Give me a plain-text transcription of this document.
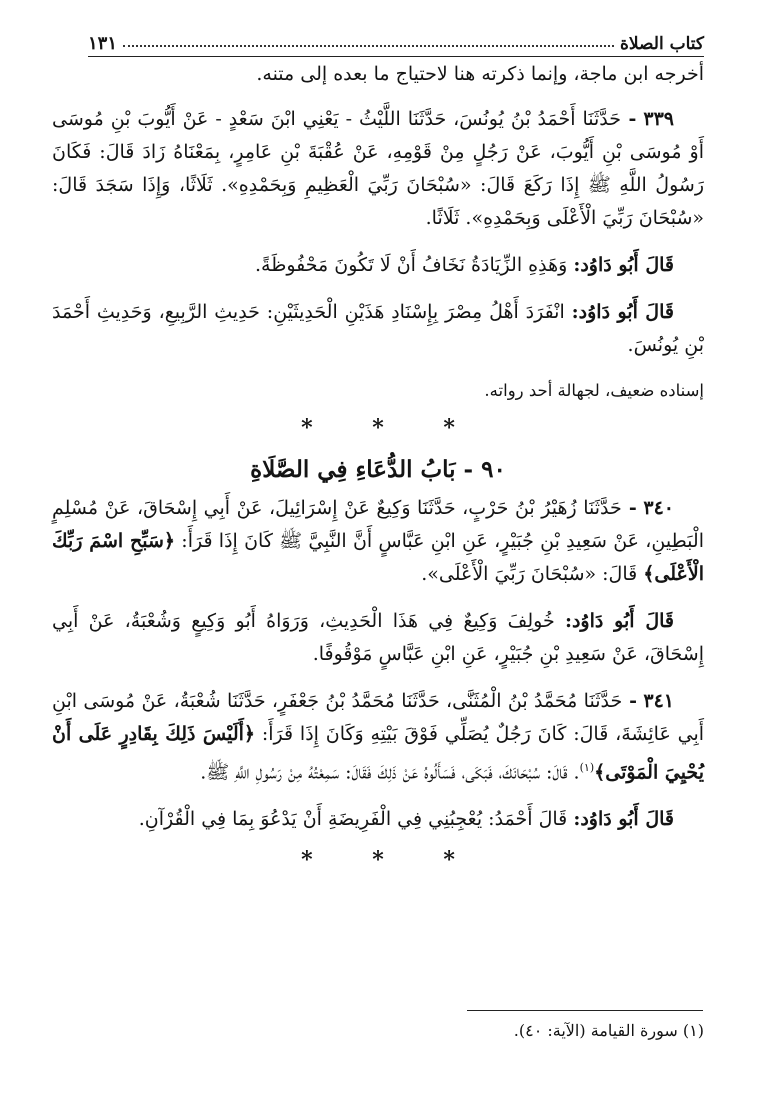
كتاب الصلاة
١٣١

أخرجه ابن ماجة، وإنما ذكرته هنا لاحتياج ما بعده إلى متنه.

٣٣٩ - حَدَّثَنَا أَحْمَدُ بْنُ يُونُسَ، حَدَّثَنَا اللَّيْثُ - يَعْنِي ابْنَ سَعْدٍ - عَنْ أَيُّوبَ بْنِ مُوسَى أَوْ مُوسَى بْنِ أَيُّوبَ، عَنْ رَجُلٍ مِنْ قَوْمِهِ، عَنْ عُقْبَةَ بْنِ عَامِرٍ، بِمَعْنَاهُ زَادَ قَالَ: فَكَانَ رَسُولُ اللَّهِ ﷺ إِذَا رَكَعَ قَالَ: «سُبْحَانَ رَبِّيَ الْعَظِيمِ وَبِحَمْدِهِ». ثَلَاثًا، وَإِذَا سَجَدَ قَالَ: «سُبْحَانَ رَبِّيَ الْأَعْلَى وَبِحَمْدِهِ». ثَلَاثًا.

قَالَ أَبُو دَاوُد: وَهَذِهِ الزِّيَادَةُ نَخَافُ أَنْ لَا تَكُونَ مَحْفُوظَةً.

قَالَ أَبُو دَاوُد: انْفَرَدَ أَهْلُ مِصْرَ بِإِسْنَادِ هَذَيْنِ الْحَدِيثَيْنِ: حَدِيثِ الرَّبِيعِ، وَحَدِيثِ أَحْمَدَ بْنِ يُونُسَ.

إسناده ضعيف، لجهالة أحد رواته.

* * *
٩٠ - بَابُ الدُّعَاءِ فِي الصَّلَاةِ

٣٤٠ - حَدَّثَنَا زُهَيْرُ بْنُ حَرْبٍ، حَدَّثَنَا وَكِيعٌ عَنْ إِسْرَائِيلَ، عَنْ أَبِي إِسْحَاقَ، عَنْ مُسْلِمٍ الْبَطِينِ، عَنْ سَعِيدِ بْنِ جُبَيْرٍ، عَنِ ابْنِ عَبَّاسٍ أَنَّ النَّبِيَّ ﷺ كَانَ إِذَا قَرَأَ: ﴿سَبِّحِ اسْمَ رَبِّكَ الْأَعْلَى﴾ قَالَ: «سُبْحَانَ رَبِّيَ الْأَعْلَى».

قَالَ أَبُو دَاوُد: خُولِفَ وَكِيعٌ فِي هَذَا الْحَدِيثِ، وَرَوَاهُ أَبُو وَكِيعٍ وَشُعْبَةُ، عَنْ أَبِي إِسْحَاقَ، عَنْ سَعِيدِ بْنِ جُبَيْرٍ، عَنِ ابْنِ عَبَّاسٍ مَوْقُوفًا.

٣٤١ - حَدَّثَنَا مُحَمَّدُ بْنُ الْمُثَنَّى، حَدَّثَنَا مُحَمَّدُ بْنُ جَعْفَرٍ، حَدَّثَنَا شُعْبَةُ، عَنْ مُوسَى ابْنِ أَبِي عَائِشَةَ، قَالَ: كَانَ رَجُلٌ يُصَلِّي فَوْقَ بَيْتِهِ وَكَانَ إِذَا قَرَأَ: ﴿أَلَيْسَ ذَلِكَ بِقَادِرٍ عَلَى أَنْ يُحْيِيَ الْمَوْتَى﴾$^{(١)}$. قَالَ: سُبْحَانَكَ، فَبَكَى، فَسَأَلُوهُ عَنْ ذَلِكَ فَقَالَ: سَمِعْتُهُ مِنْ رَسُولِ اللَّهِ ﷺ.

قَالَ أَبُو دَاوُد: قَالَ أَحْمَدُ: يُعْجِبُنِي فِي الْفَرِيضَةِ أَنْ يَدْعُوَ بِمَا فِي الْقُرْآنِ.

* * *
(١) سورة القيامة (الآية: ٤٠).
